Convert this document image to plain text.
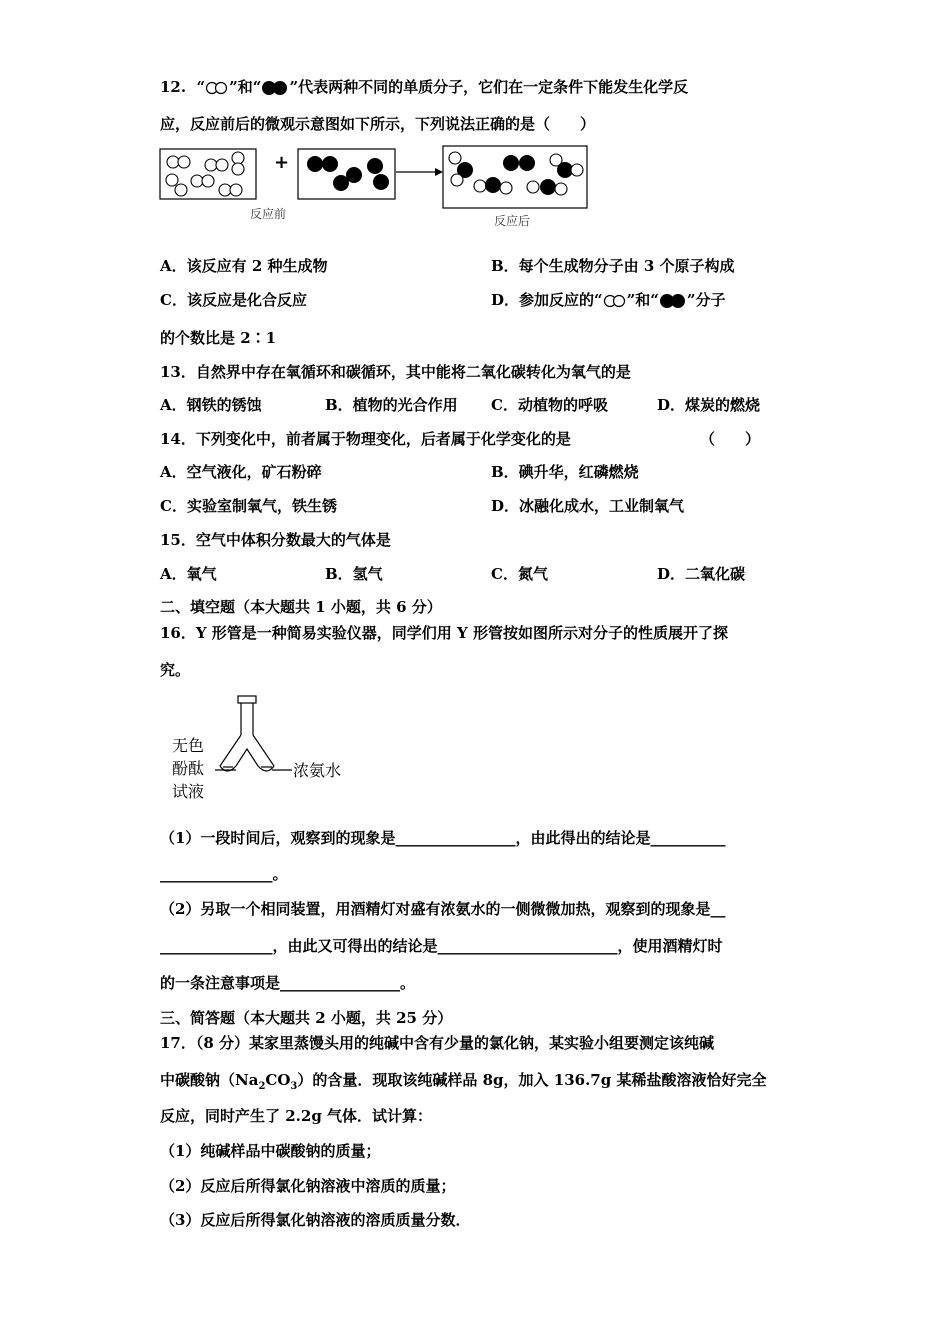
12.  “ ”和“ ”代表两种不同的单质分子，它们在一定条件下能发生化学反
应，反应前后的微观示意图如下所示，下列说法正确的是（　　）
+
反应前	反应后
A．该反应有 2 种生成物	B．每个生成物分子由 3 个原子构成
C．该反应是化合反应	D．参加反应的“ ”和“ ”分子
的个数比是 2∶1
13．自然界中存在氧循环和碳循环，其中能将二氧化碳转化为氧气的是
A．钢铁的锈蚀	B．植物的光合作用 C．动植物的呼吸	D．煤炭的燃烧
14．下列变化中，前者属于物理变化，后者属于化学变化的是	（　　）
A．空气液化，矿石粉碎	B．碘升华，红磷燃烧
C．实验室制氧气，铁生锈	D．冰融化成水，工业制氧气
15．空气中体积分数最大的气体是
A．氧气	B．氢气	C．氮气	D．二氧化碳
二、填空题（本大题共 1 小题，共 6 分）
16．Y 形管是一种简易实验仪器，同学们用 Y 形管按如图所示对分子的性质展开了探
究。
无色
酚酞
试液
浓氨水
（1）一段时间后，观察到的现象是________________，由此得出的结论是__________
_______________。
（2）另取一个相同装置，用酒精灯对盛有浓氨水的一侧微微加热，观察到的现象是__
_______________，由此又可得出的结论是________________________，使用酒精灯时
的一条注意事项是________________。
三、简答题（本大题共 2 小题，共 25 分）
17．（8 分）某家里蒸馒头用的纯碱中含有少量的氯化钠，某实验小组要测定该纯碱
中碳酸钠$(Na_2CO_3)$的含量．现取该纯碱样品 8g，加入 136.7g 某稀盐酸溶液恰好完全
反应，同时产生了 2.2g 气体．试计算：
（1）纯碱样品中碳酸钠的质量；
（2）反应后所得氯化钠溶液中溶质的质量；
（3）反应后所得氯化钠溶液的溶质质量分数．
